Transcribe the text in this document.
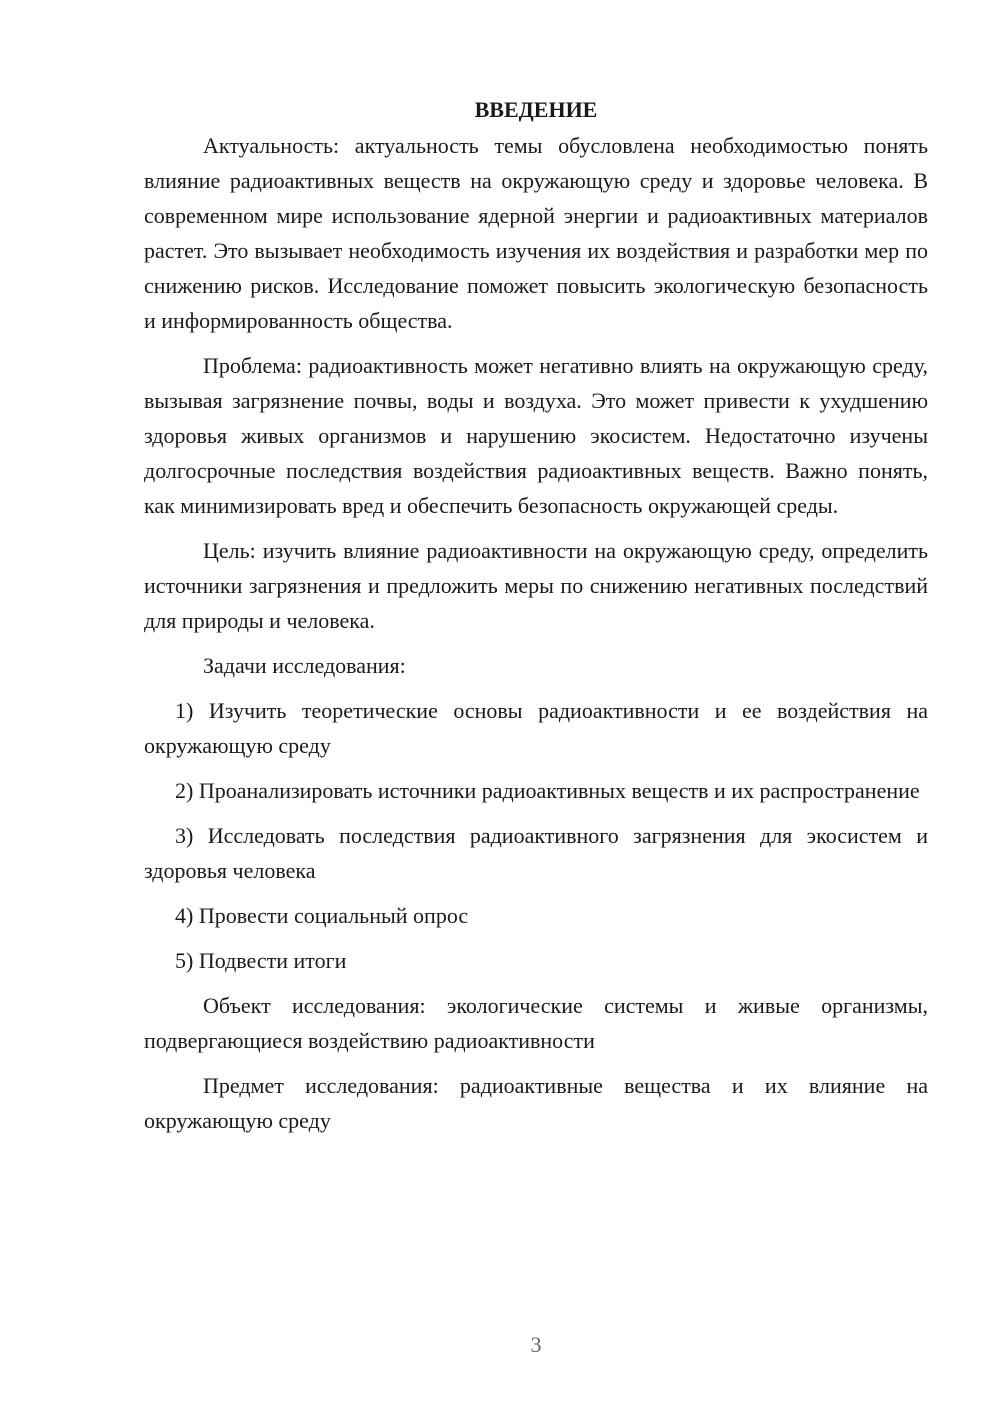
ВВЕДЕНИЕ

Актуальность: актуальность темы обусловлена необходимостью понять влияние радиоактивных веществ на окружающую среду и здоровье человека. В современном мире использование ядерной энергии и радиоактивных материалов растет. Это вызывает необходимость изучения их воздействия и разработки мер по снижению рисков. Исследование поможет повысить экологическую безопасность и информированность общества.

Проблема: радиоактивность может негативно влиять на окружающую среду, вызывая загрязнение почвы, воды и воздуха. Это может привести к ухудшению здоровья живых организмов и нарушению экосистем. Недостаточно изучены долгосрочные последствия воздействия радиоактивных веществ. Важно понять, как минимизировать вред и обеспечить безопасность окружающей среды.

Цель: изучить влияние радиоактивности на окружающую среду, определить источники загрязнения и предложить меры по снижению негативных последствий для природы и человека.

Задачи исследования:

1) Изучить теоретические основы радиоактивности и ее воздействия на окружающую среду

2) Проанализировать источники радиоактивных веществ и их распространение

3) Исследовать последствия радиоактивного загрязнения для экосистем и здоровья человека

4) Провести социальный опрос

5) Подвести итоги

Объект исследования: экологические системы и живые организмы, подвергающиеся воздействию радиоактивности

Предмет исследования: радиоактивные вещества и их влияние на окружающую среду

3
